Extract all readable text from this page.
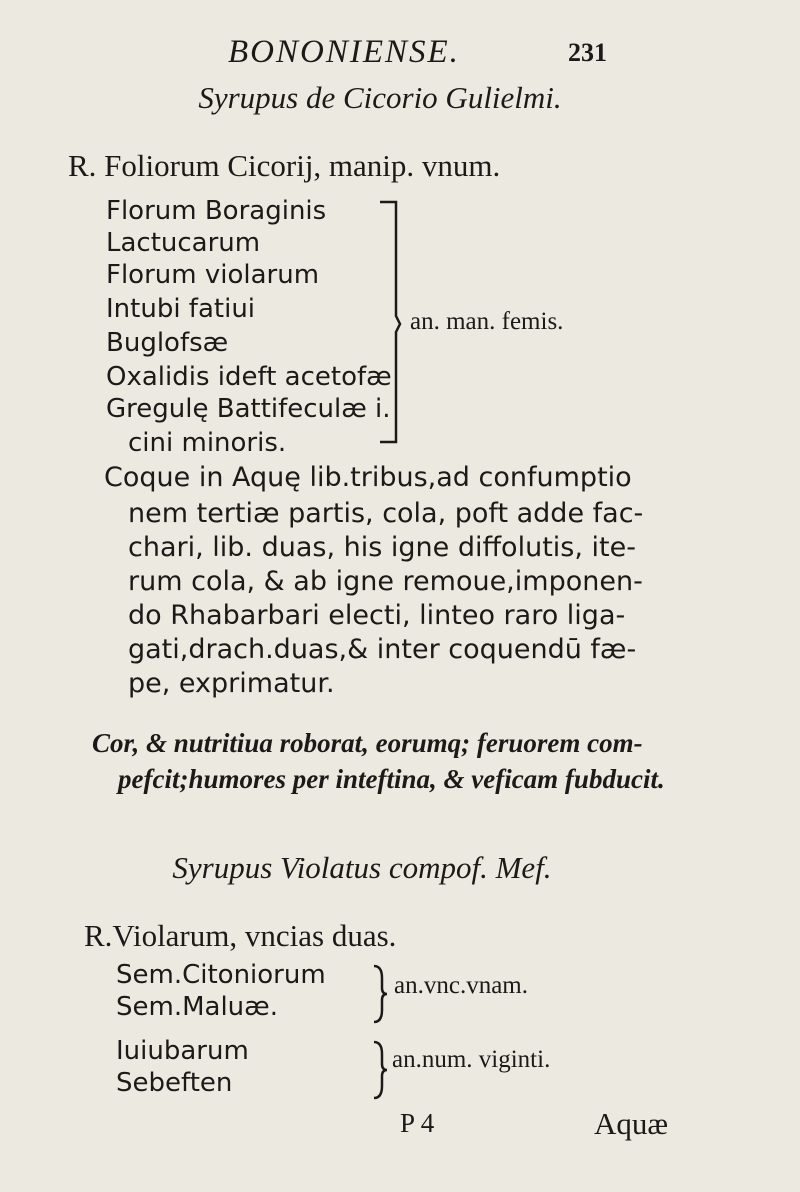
BONONIENSE.	231
Syrupus de Cicorio Gulielmi.
R. Foliorum Cicorij, manip. vnum.
Florum Boraginis
Lactucarum
Florum violarum
Intubi fatiui
Buglofsæ
Oxalidis ideft acetofæ
Gregulę Battifeculæ i.
cini minoris.
an. man. femis.
Coque in Aquę lib.tribus,ad confumptio
nem tertiæ partis, cola, poft adde fac-
chari, lib. duas, his igne diffolutis, ite-
rum cola, & ab igne remoue,imponen-
do Rhabarbari electi, linteo raro liga-
gati,drach.duas,& inter coquendū fæ-
pe, exprimatur.
Cor, & nutritiua roborat, eorumq; feruorem com-
Syrupus Violatus compof. Mef.
pefcit;humores per inteftina, & veficam fubducit.
R.Violarum, vncias duas.
Sem.Citoniorum
Sem.Maluæ.
an.vnc.vnam.
Iuiubarum
Sebeften
an.num. viginti.
P 4	Aquæ
